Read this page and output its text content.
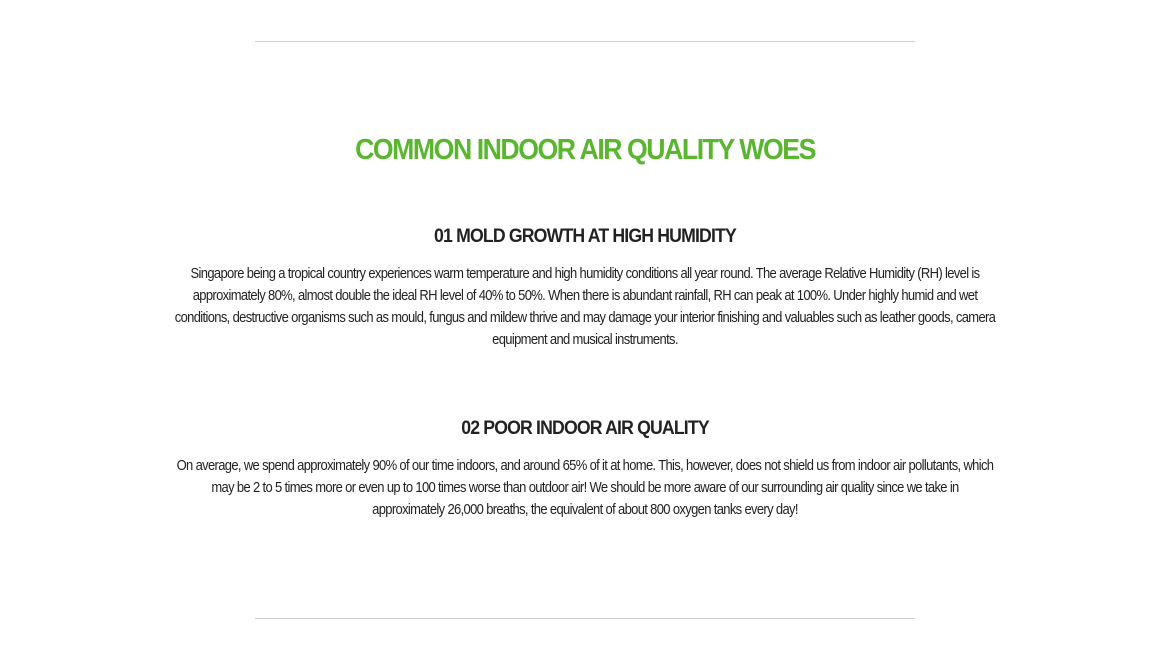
COMMON INDOOR AIR QUALITY WOES
01 MOLD GROWTH AT HIGH HUMIDITY

Singapore being a tropical country experiences warm temperature and high humidity conditions all year round. The average Relative Humidity (RH) level is approximately 80%, almost double the ideal RH level of 40% to 50%. When there is abundant rainfall, RH can peak at 100%. Under highly humid and wet conditions, destructive organisms such as mould, fungus and mildew thrive and may damage your interior finishing and valuables such as leather goods, camera equipment and musical instruments.

02 POOR INDOOR AIR QUALITY

On average, we spend approximately 90% of our time indoors, and around 65% of it at home. This, however, does not shield us from indoor air pollutants, which may be 2 to 5 times more or even up to 100 times worse than outdoor air! We should be more aware of our surrounding air quality since we take in approximately 26,000 breaths, the equivalent of about 800 oxygen tanks every day!
